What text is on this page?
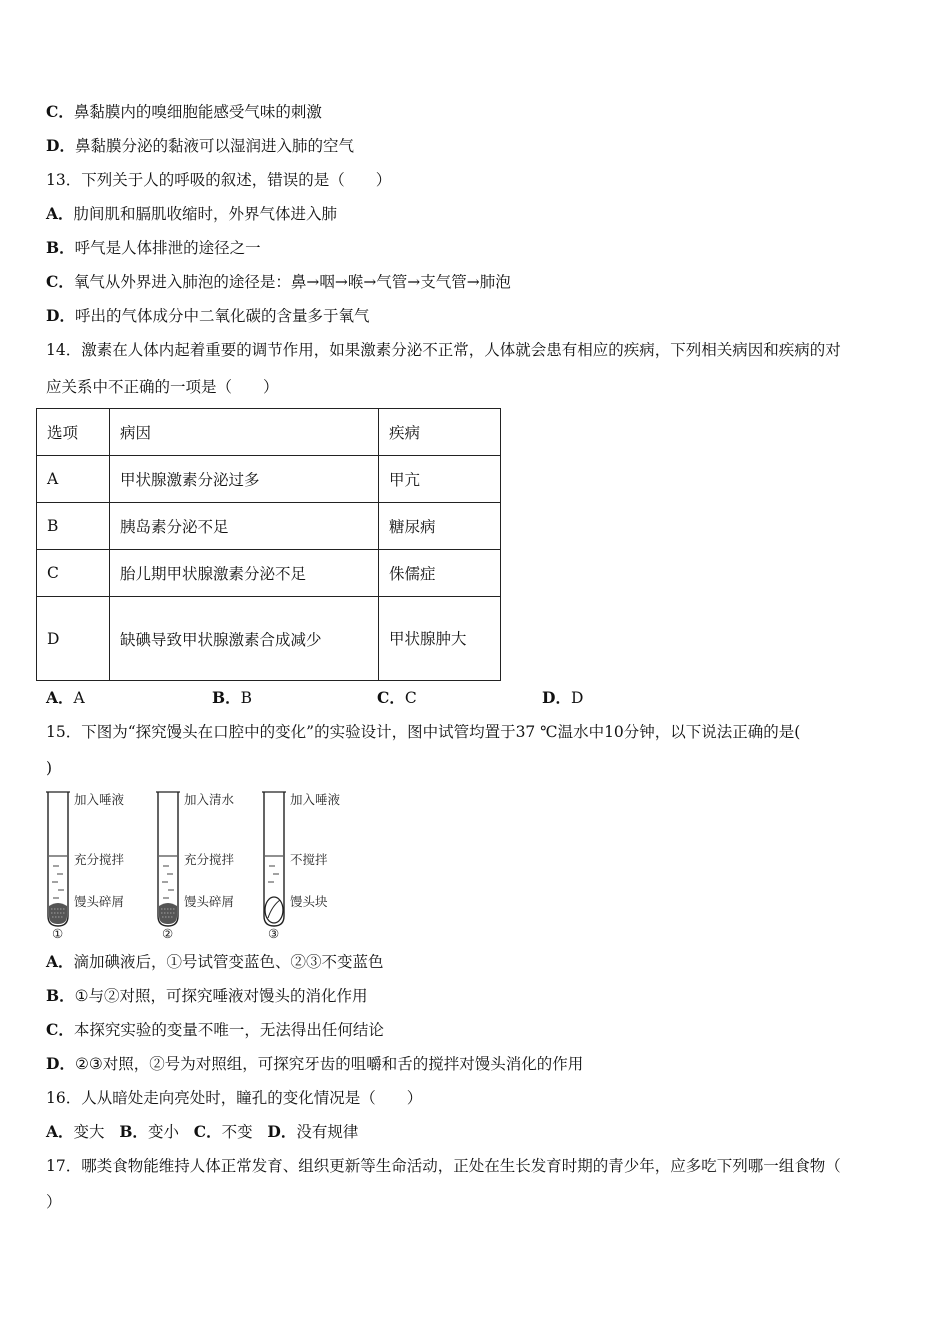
C．鼻黏膜内的嗅细胞能感受气味的刺激
D．鼻黏膜分泌的黏液可以湿润进入肺的空气
13．下列关于人的呼吸的叙述，错误的是（　　）
A．肋间肌和膈肌收缩时，外界气体进入肺
B．呼气是人体排泄的途径之一
C．氧气从外界进入肺泡的途径是：鼻→咽→喉→气管→支气管→肺泡
D．呼出的气体成分中二氧化碳的含量多于氧气
14．激素在人体内起着重要的调节作用，如果激素分泌不正常，人体就会患有相应的疾病，下列相关病因和疾病的对
应关系中不正确的一项是（　　）
选项	病因	疾病
A	甲状腺激素分泌过多	甲亢
B	胰岛素分泌不足	糖尿病
C	胎儿期甲状腺激素分泌不足	侏儒症
D	缺碘导致甲状腺激素合成减少	甲状腺肿大
A．A	B．B	C．C	D．D
15．下图为“探究馒头在口腔中的变化”的实验设计，图中试管均置于37 ℃温水中10分钟，以下说法正确的是(
)
加入唾液
充分搅拌
馒头碎屑
①
加入清水
充分搅拌
馒头碎屑
②
加入唾液
不搅拌
馒头块
③
A．滴加碘液后，①号试管变蓝色、②③不变蓝色
B．①与②对照，可探究唾液对馒头的消化作用
C．本探究实验的变量不唯一，无法得出任何结论
D．②③对照，②号为对照组，可探究牙齿的咀嚼和舌的搅拌对馒头消化的作用
16．人从暗处走向亮处时，瞳孔的变化情况是（　　）
A．变大 B．变小 C．不变 D．没有规律
17．哪类食物能维持人体正常发育、组织更新等生命活动，正处在生长发育时期的青少年，应多吃下列哪一组食物（
）
